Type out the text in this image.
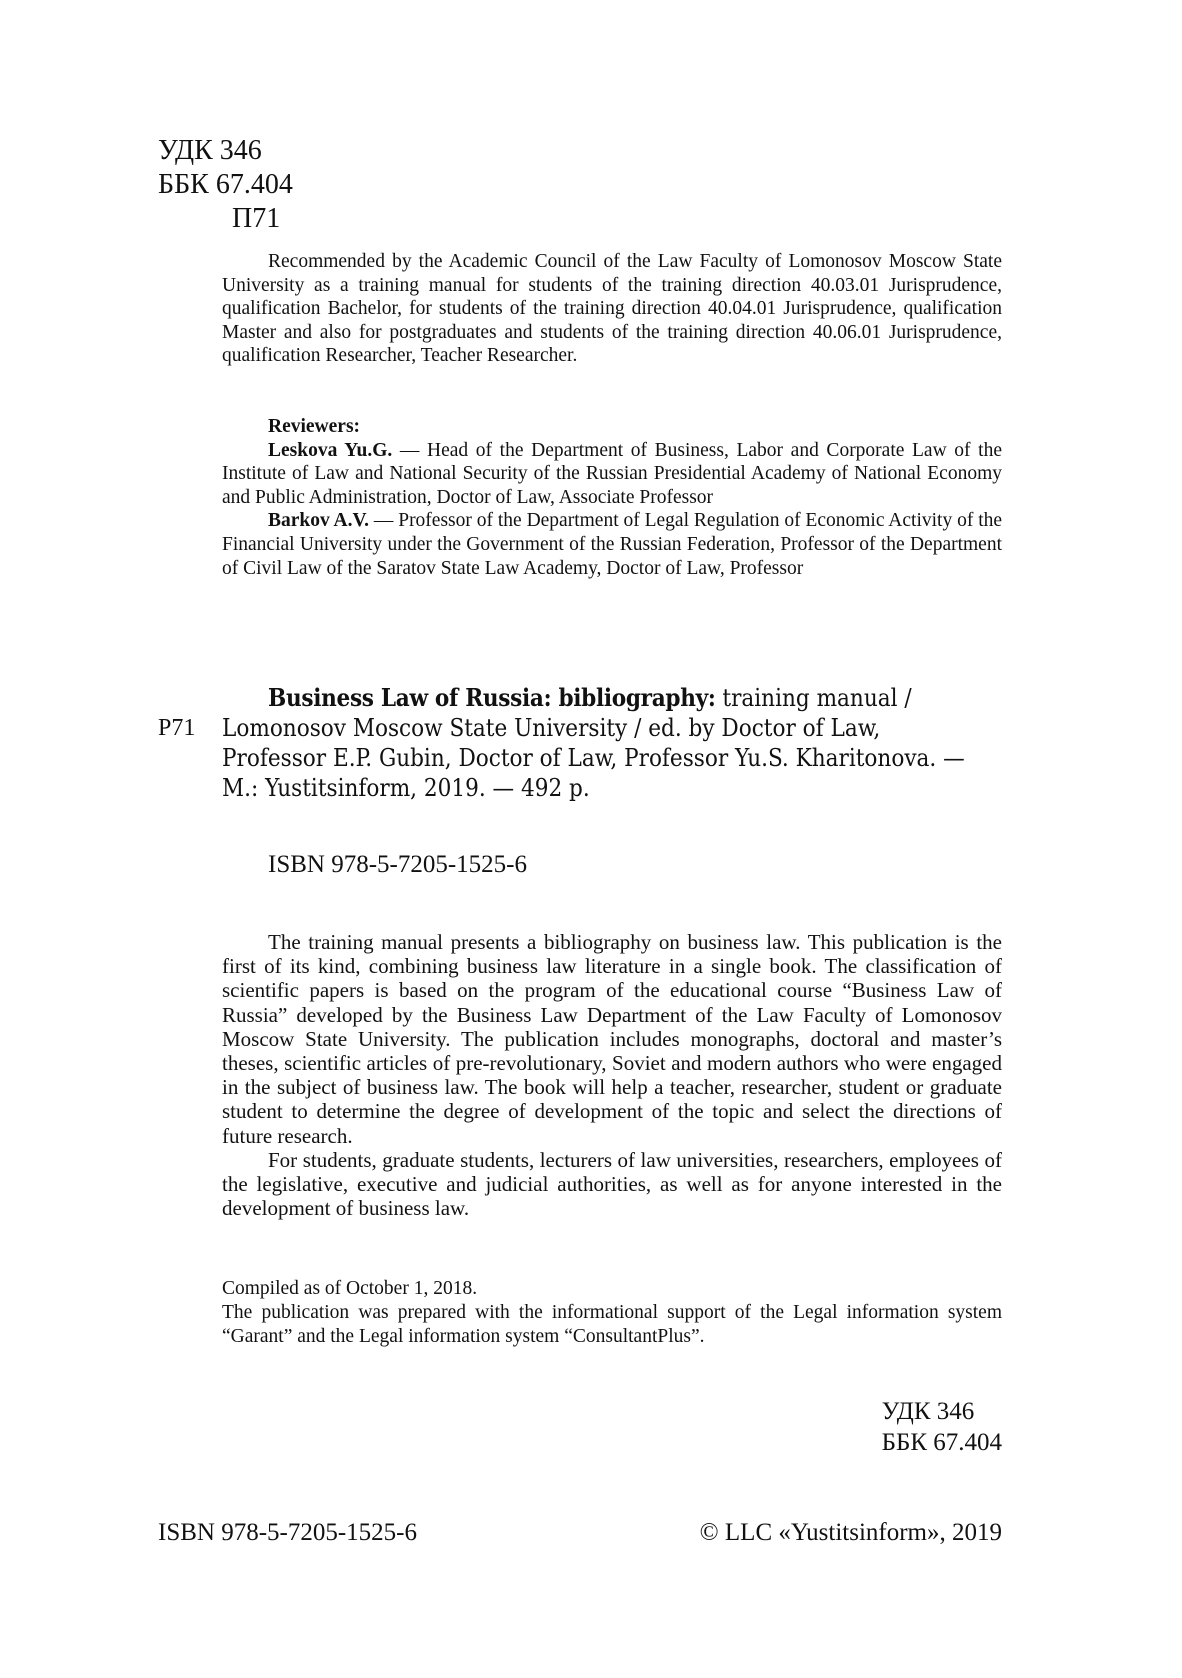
УДК 346
ББК 67.404
П71
Recommended by the Academic Council of the Law Faculty of Lomonosov Moscow State University as a training manual for students of the training direction 40.03.01 Jurisprudence, qualification Bachelor, for students of the training direction 40.04.01 Jurisprudence, qualification Master and also for postgraduates and students of the training direction 40.06.01 Jurisprudence, qualification Researcher, Teacher Researcher.
Reviewers:
Leskova Yu.G. — Head of the Department of Business, Labor and Corporate Law of the Institute of Law and National Security of the Russian Presidential Academy of National Economy and Public Administration, Doctor of Law, Associate Professor
Barkov A.V. — Professor of the Department of Legal Regulation of Economic Activity of the Financial University under the Government of the Russian Federation, Professor of the Department of Civil Law of the Saratov State Law Academy, Doctor of Law, Professor
Business Law of Russia: bibliography: training manual /
P71	Lomonosov Moscow State University / ed. by Doctor of Law,
Professor E.P. Gubin, Doctor of Law, Professor Yu.S. Kharitonova. —
M.: Yustitsinform, 2019. — 492 p.
ISBN 978-5-7205-1525-6

The training manual presents a bibliography on business law. This publication is the first of its kind, combining business law literature in a single book. The classification of scientific papers is based on the program of the educational course “Business Law of Russia” developed by the Business Law Department of the Law Faculty of Lomonosov Moscow State University. The publication includes monographs, doctoral and master’s theses, scientific articles of pre-revolutionary, Soviet and modern authors who were engaged in the subject of business law. The book will help a teacher, researcher, student or graduate student to determine the degree of development of the topic and select the directions of future research.

For students, graduate students, lecturers of law universities, researchers, employees of the legislative, executive and judicial authorities, as well as for anyone interested in the development of business law.

Compiled as of October 1, 2018.

The publication was prepared with the informational support of the Legal information system “Garant” and the Legal information system “ConsultantPlus”.

УДК 346
ББК 67.404
ISBN 978-5-7205-1525-6	© LLC «Yustitsinform», 2019
